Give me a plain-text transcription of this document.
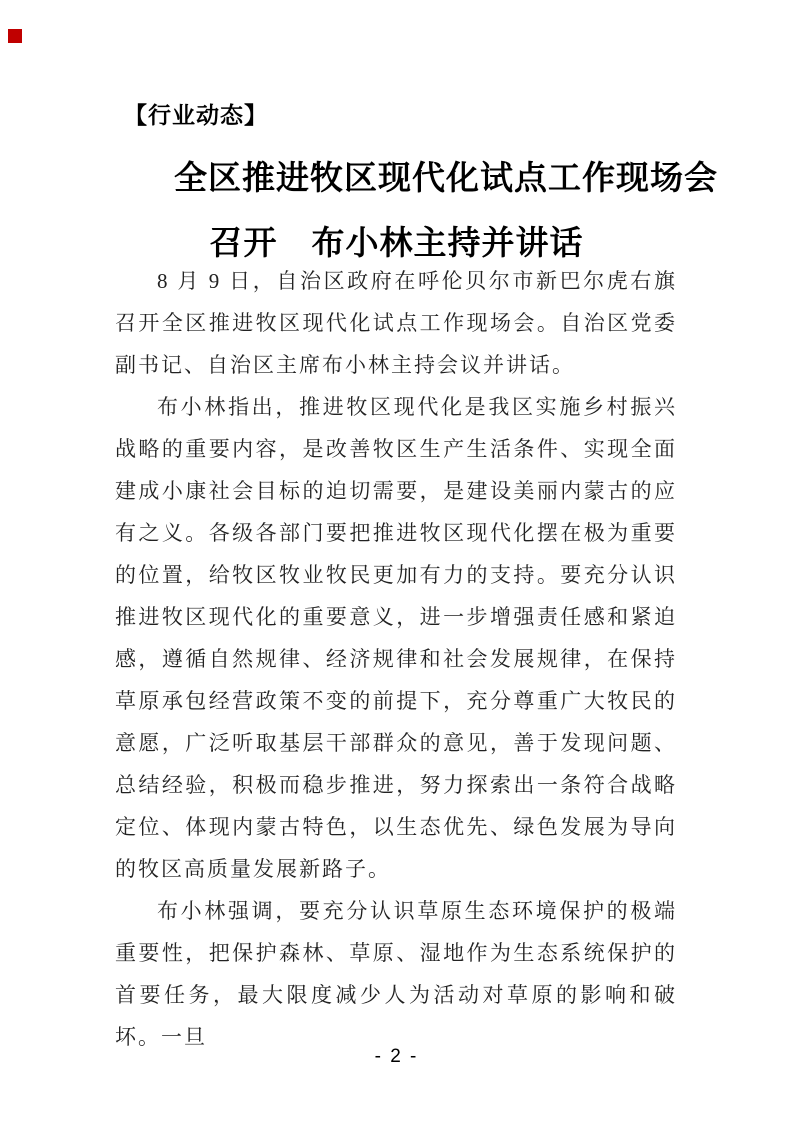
【行业动态】
全区推进牧区现代化试点工作现场会
召开　布小林主持并讲话

8 月 9 日，自治区政府在呼伦贝尔市新巴尔虎右旗召开全区推进牧区现代化试点工作现场会。自治区党委副书记、自治区主席布小林主持会议并讲话。

布小林指出，推进牧区现代化是我区实施乡村振兴战略的重要内容，是改善牧区生产生活条件、实现全面建成小康社会目标的迫切需要，是建设美丽内蒙古的应有之义。各级各部门要把推进牧区现代化摆在极为重要的位置，给牧区牧业牧民更加有力的支持。要充分认识推进牧区现代化的重要意义，进一步增强责任感和紧迫感，遵循自然规律、经济规律和社会发展规律，在保持草原承包经营政策不变的前提下，充分尊重广大牧民的意愿，广泛听取基层干部群众的意见，善于发现问题、总结经验，积极而稳步推进，努力探索出一条符合战略定位、体现内蒙古特色，以生态优先、绿色发展为导向的牧区高质量发展新路子。

布小林强调，要充分认识草原生态环境保护的极端重要性，把保护森林、草原、湿地作为生态系统保护的首要任务，最大限度减少人为活动对草原的影响和破坏。一旦

- 2 -
